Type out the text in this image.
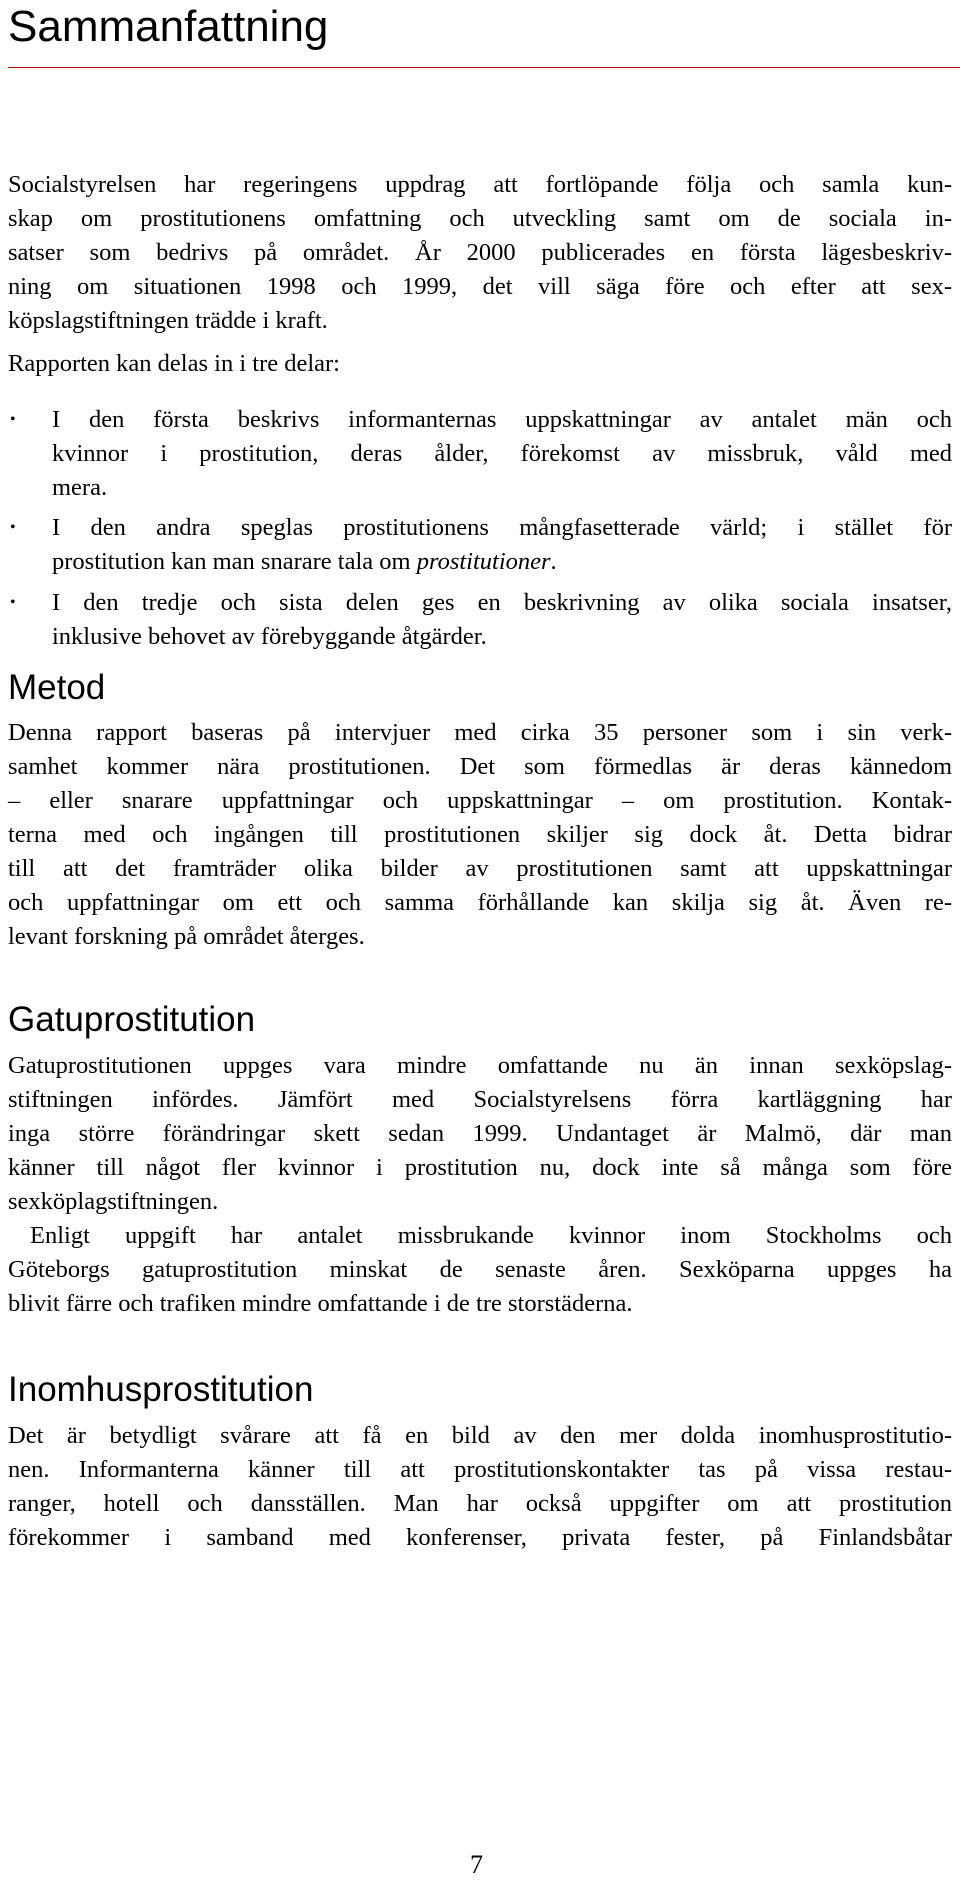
Sammanfattning

Socialstyrelsen har regeringens uppdrag att fortlöpande följa och samla kun-

skap om prostitutionens omfattning och utveckling samt om de sociala in-

satser som bedrivs på området. År 2000 publicerades en första lägesbeskriv-

ning om situationen 1998 och 1999, det vill säga före och efter att sex-

köpslagstiftningen trädde i kraft.

Rapporten kan delas in i tre delar:

• I den första beskrivs informanternas uppskattningar av antalet män och

kvinnor i prostitution, deras ålder, förekomst av missbruk, våld med

mera.

• I den andra speglas prostitutionens mångfasetterade värld; i stället för

prostitution kan man snarare tala om prostitutioner.

• I den tredje och sista delen ges en beskrivning av olika sociala insatser,

inklusive behovet av förebyggande åtgärder.

Metod

Denna rapport baseras på intervjuer med cirka 35 personer som i sin verk-

samhet kommer nära prostitutionen. Det som förmedlas är deras kännedom

– eller snarare uppfattningar och uppskattningar – om prostitution. Kontak-

terna med och ingången till prostitutionen skiljer sig dock åt. Detta bidrar

till att det framträder olika bilder av prostitutionen samt att uppskattningar

och uppfattningar om ett och samma förhållande kan skilja sig åt. Även re-

levant forskning på området återges.

Gatuprostitution

Gatuprostitutionen uppges vara mindre omfattande nu än innan sexköpslag-

stiftningen infördes. Jämfört med Socialstyrelsens förra kartläggning har

inga större förändringar skett sedan 1999. Undantaget är Malmö, där man

känner till något fler kvinnor i prostitution nu, dock inte så många som före

sexköplagstiftningen.

Enligt uppgift har antalet missbrukande kvinnor inom Stockholms och

Göteborgs gatuprostitution minskat de senaste åren. Sexköparna uppges ha

blivit färre och trafiken mindre omfattande i de tre storstäderna.

Inomhusprostitution

Det är betydligt svårare att få en bild av den mer dolda inomhusprostitutio-

nen. Informanterna känner till att prostitutionskontakter tas på vissa restau-

ranger, hotell och dansställen. Man har också uppgifter om att prostitution

förekommer i samband med konferenser, privata fester, på Finlandsbåtar

7
